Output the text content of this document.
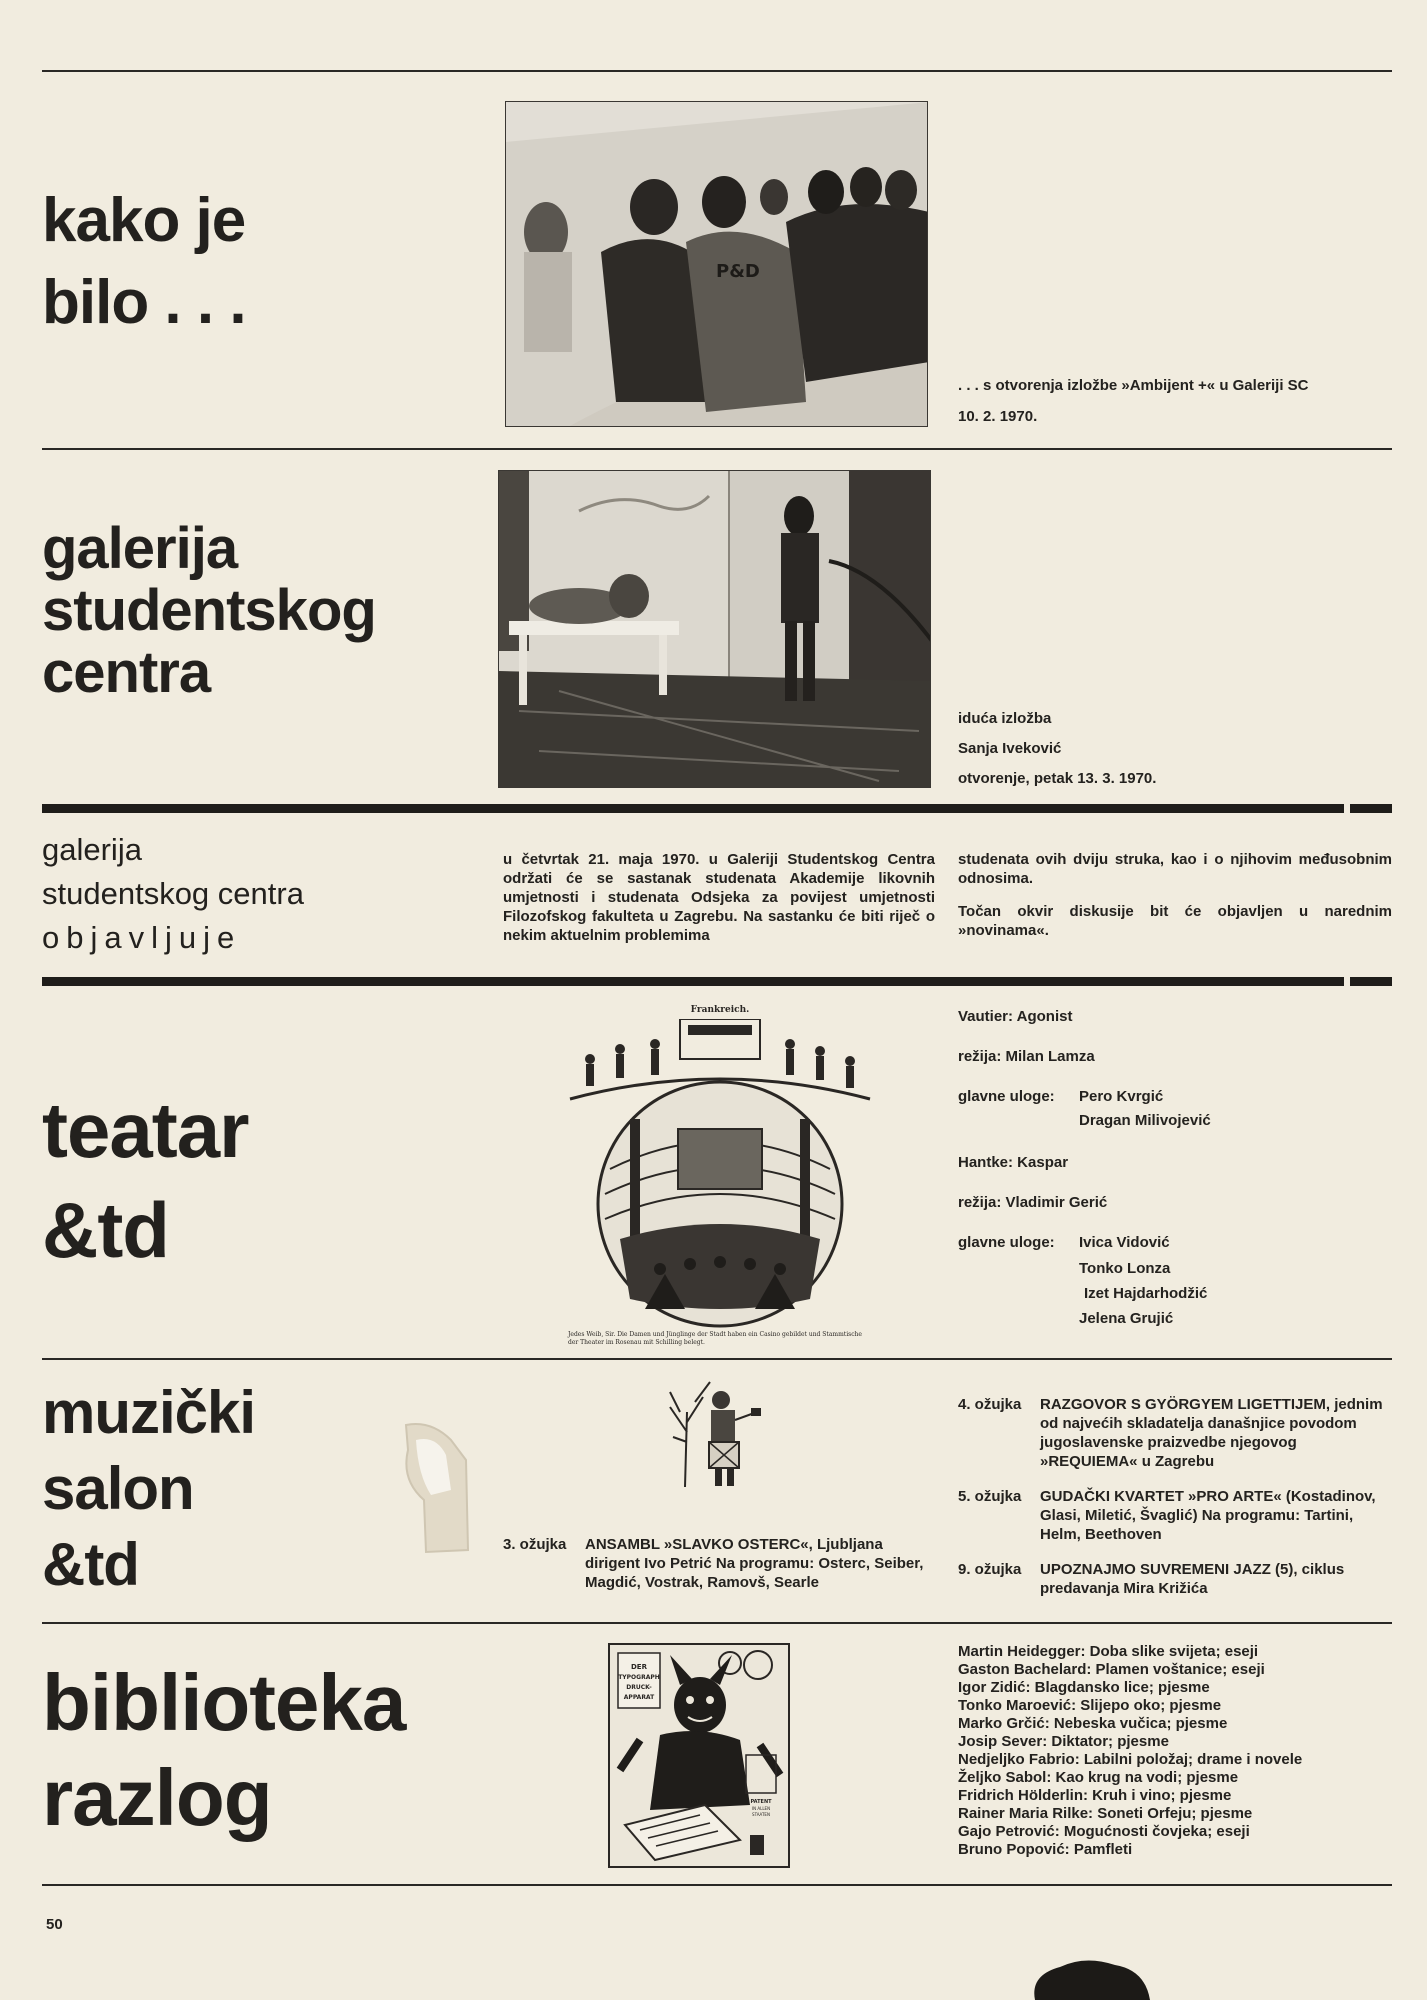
kako je
bilo . . .	P&D

. . . s otvorenja izložbe »Ambijent +« u Galeriji SC

10. 2. 1970.

galerija
studentskog
centra

iduća izložba

Sanja Iveković

otvorenje, petak 13. 3. 1970.

galerija
studentskog centra
objavljuje

u četvrtak 21. maja 1970. u Galeriji Studentskog Centra održati će se sastanak studenata Akademije likovnih umjetnosti i studenata Odsjeka za povijest umjetnosti Filozofskog fakulteta u Zagrebu. Na sastanku će biti riječ o nekim aktuelnim problemima

studenata ovih dviju struka, kao i o njihovim međusobnim odnosima.

Točan okvir diskusije bit će objavljen u narednim »novinama«.

teatar
&td
Frankreich.
Jedes Weib, Sir. Die Damen und Jünglinge der Stadt haben ein Casino gebildet und Stammtische der Theater im Rosenau mit Schilling belegt.
Vautier: Agonist
režija: Milan Lamza
glavne uloge:	Pero Kvrgić
Dragan Milivojević
Hantke: Kaspar
režija: Vladimir Gerić
glavne uloge:	Ivica Vidović
Tonko Lonza
Izet Hajdarhodžić
Jelena Grujić
muzički
salon
&td	3. ožujka	ANSAMBL »SLAVKO OSTERC«, Ljubljana dirigent Ivo Petrić Na programu: Osterc, Seiber, Magdić, Vostrak, Ramovš, Searle
4. ožujka	RAZGOVOR S GYÖRGYEM LIGETTIJEM, jednim od najvećih skladatelja današnjice povodom jugoslavenske praizvedbe njegovog »REQUIEMA« u Zagrebu
5. ožujka	GUDAČKI KVARTET »PRO ARTE« (Kostadinov, Glasi, Miletić, Švaglić) Na programu: Tartini, Helm, Beethoven
9. ožujka	UPOZNAJMO SUVREMENI JAZZ (5), ciklus predavanja Mira Križića
biblioteka
razlog
DER
TYPOGRAPH
DRUCK-
APPARAT
PATENT
IN ALLEN
STAATEN

Martin Heidegger: Doba slike svijeta; eseji

Gaston Bachelard: Plamen voštanice; eseji

Igor Zidić: Blagdansko lice; pjesme

Tonko Maroević: Slijepo oko; pjesme

Marko Grčić: Nebeska vučica; pjesme

Josip Sever: Diktator; pjesme

Nedjeljko Fabrio: Labilni položaj; drame i novele

Željko Sabol: Kao krug na vodi; pjesme

Fridrich Hölderlin: Kruh i vino; pjesme

Rainer Maria Rilke: Soneti Orfeju; pjesme

Gajo Petrović: Mogućnosti čovjeka; eseji

Bruno Popović: Pamfleti

50
